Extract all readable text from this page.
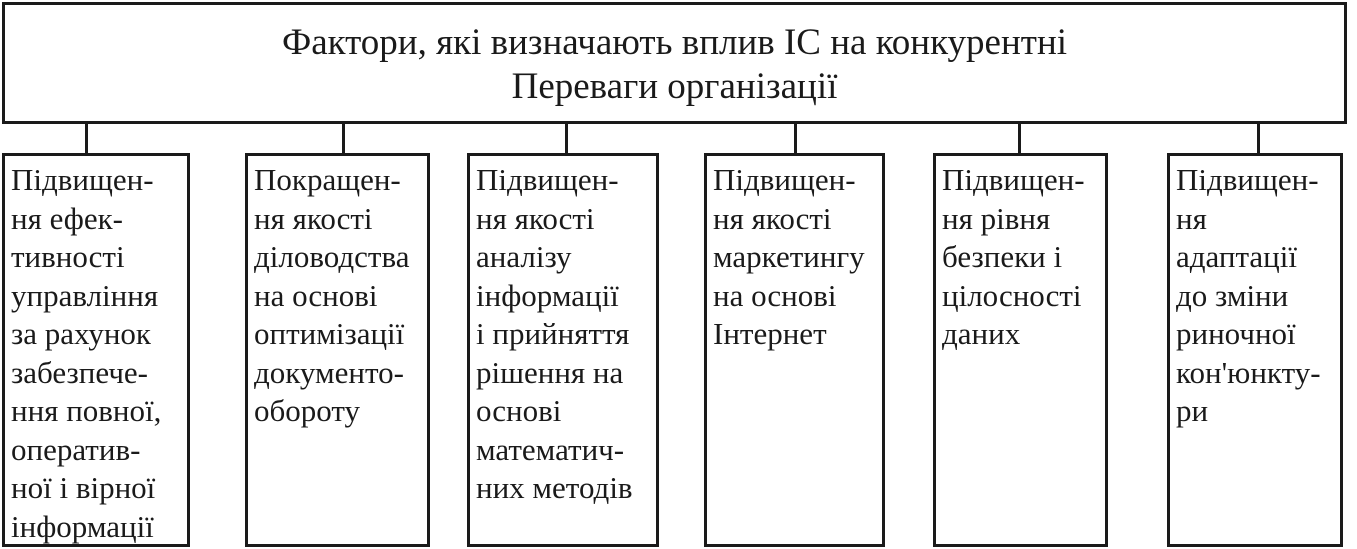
Фактори, які визначають вплив ІС на конкурентні
Переваги організації
Підвищен-
ня ефек-
тивності
управління
за рахунок
забезпече-
ння повної,
оператив-
ної і вірної
інформації
Покращен-
ня якості
діловодства
на основі
оптимізації
документо-
обороту
Підвищен-
ня якості
аналізу
інформації
і прийняття
рішення на
основі
математич-
них методів
Підвищен-
ня якості
маркетингу
на основі
Інтернет
Підвищен-
ня рівня
безпеки і
цілосності
даних
Підвищен-
ня
адаптації
до зміни
риночної
кон'юнкту-
ри
